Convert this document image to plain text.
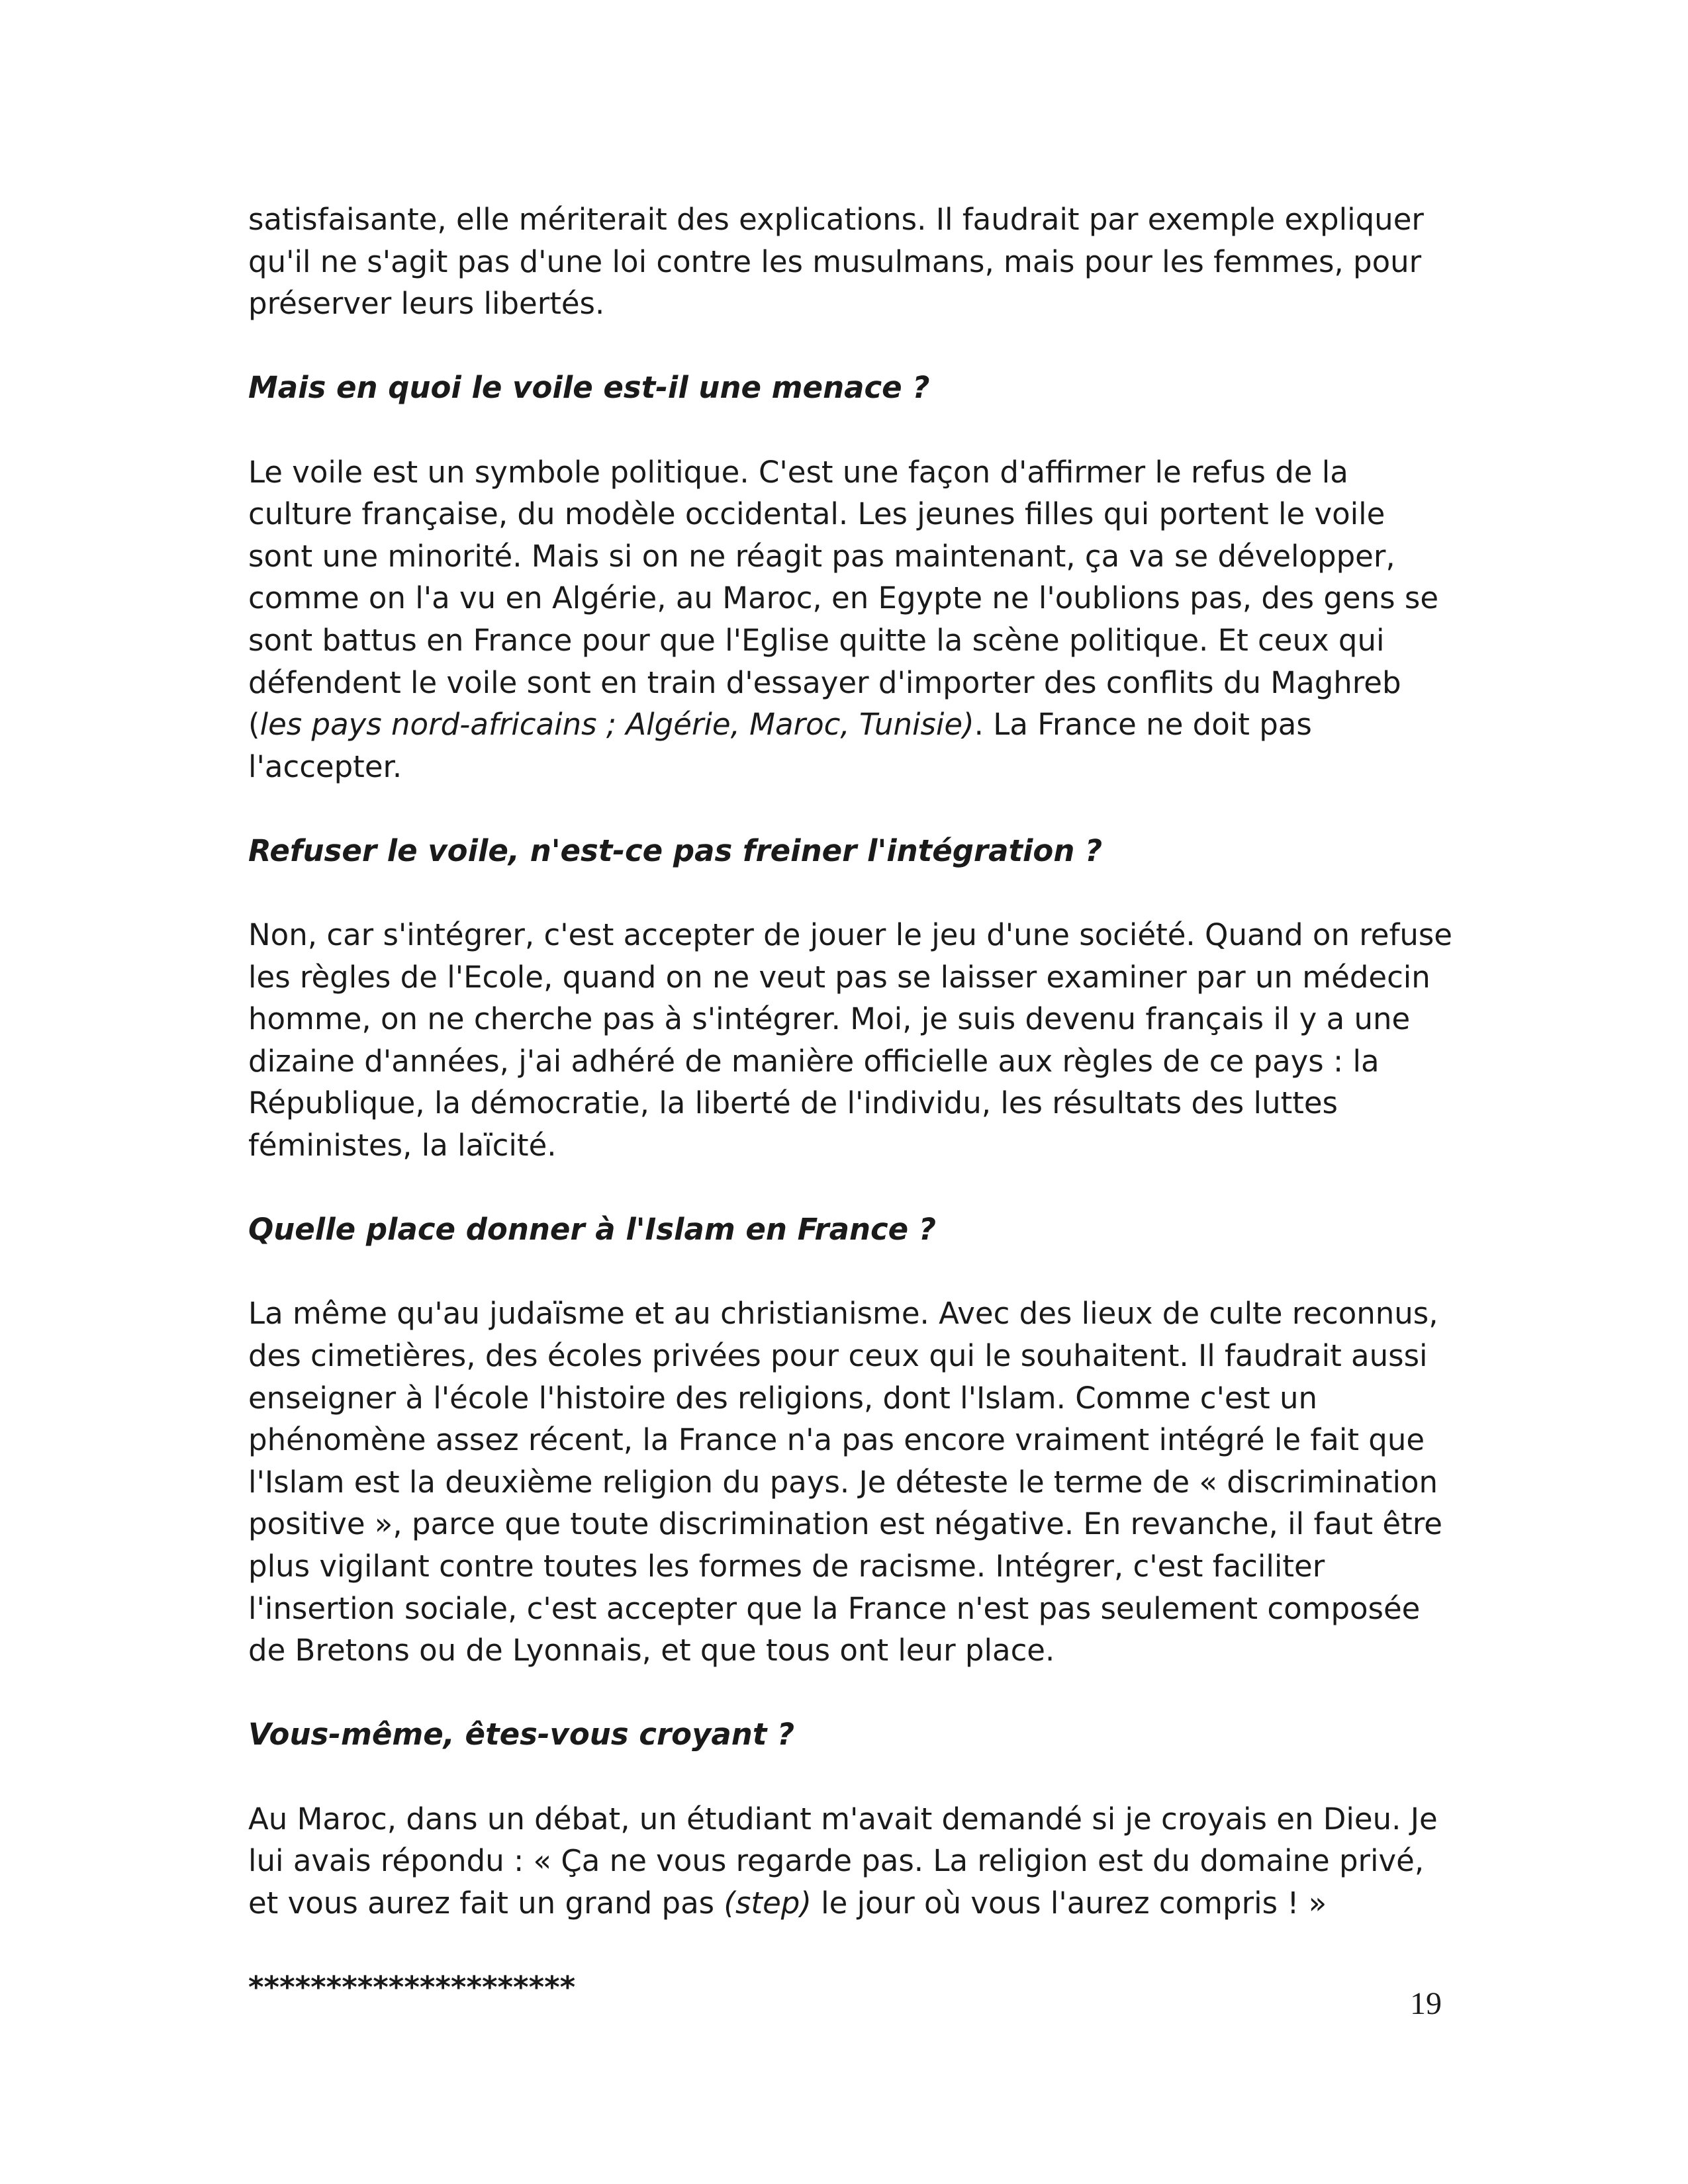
satisfaisante, elle mériterait des explications. Il faudrait par exemple expliquer qu'il ne s'agit pas d'une loi contre les musulmans, mais pour les femmes, pour préserver leurs libertés.

Mais en quoi le voile est-il une menace ?

Le voile est un symbole politique. C'est une façon d'affirmer le refus de la culture française, du modèle occidental. Les jeunes filles qui portent le voile sont une minorité. Mais si on ne réagit pas maintenant, ça va se développer, comme on l'a vu en Algérie, au Maroc, en Egypte ne l'oublions pas, des gens se sont battus en France pour que l'Eglise quitte la scène politique. Et ceux qui défendent le voile sont en train d'essayer d'importer des conflits du Maghreb (les pays nord-africains ; Algérie, Maroc, Tunisie). La France ne doit pas l'accepter.

Refuser le voile, n'est-ce pas freiner l'intégration ?

Non, car s'intégrer, c'est accepter de jouer le jeu d'une société. Quand on refuse les règles de l'Ecole, quand on ne veut pas se laisser examiner par un médecin homme, on ne cherche pas à s'intégrer. Moi, je suis devenu français il y a une dizaine d'années, j'ai adhéré de manière officielle aux règles de ce pays : la République, la démocratie, la liberté de l'individu, les résultats des luttes féministes, la laïcité.

Quelle place donner à l'Islam en France ?

La même qu'au judaïsme et au christianisme. Avec des lieux de culte reconnus, des cimetières, des écoles privées pour ceux qui le souhaitent. Il faudrait aussi enseigner à l'école l'histoire des religions, dont l'Islam. Comme c'est un phénomène assez récent, la France n'a pas encore vraiment intégré le fait que l'Islam est la deuxième religion du pays. Je déteste le terme de « discrimination positive », parce que toute discrimination est négative. En revanche, il faut être plus vigilant contre toutes les formes de racisme. Intégrer, c'est faciliter l'insertion sociale, c'est accepter que la France n'est pas seulement composée de Bretons ou de Lyonnais, et que tous ont leur place.

Vous-même, êtes-vous croyant ?

Au Maroc, dans un débat, un étudiant m'avait demandé si je croyais en Dieu. Je lui avais répondu : « Ça ne vous regarde pas. La religion est du domaine privé, et vous aurez fait un grand pas (step) le jour où vous l'aurez compris ! »

*********************	19
